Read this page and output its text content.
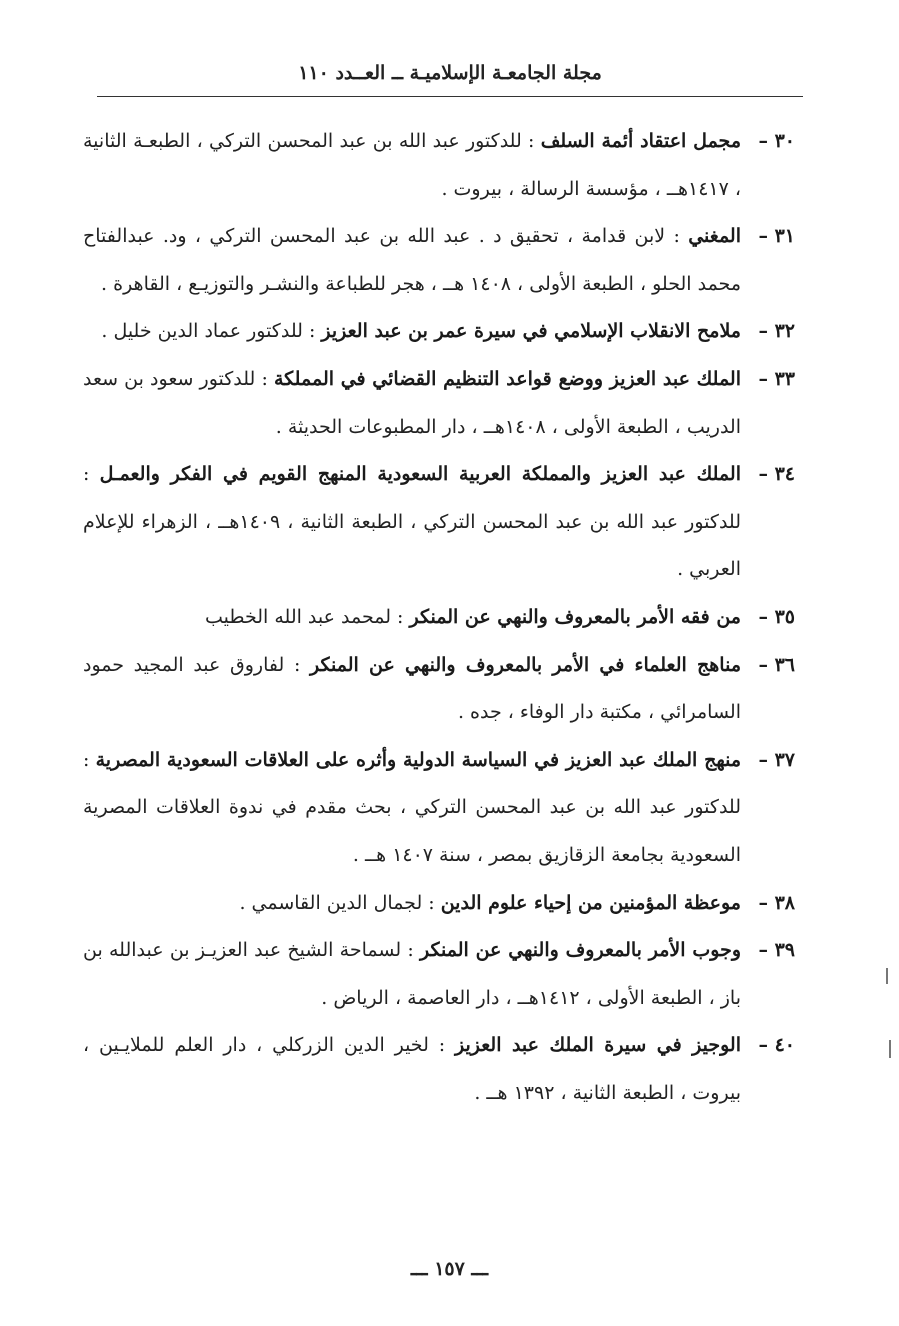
مجلة الجامعـة الإسلاميـة ــ العــدد ١١٠
٣٠ –
مجمل اعتقاد أئمة السلف : للدكتور عبد الله بن عبد المحسن التركي ، الطبعـة الثانية ، ١٤١٧هــ ، مؤسسة الرسالة ، بيروت .
٣١ –
المغني : لابن قدامة ، تحقيق د . عبد الله بن عبد المحسن التركي ، ود. عبدالفتاح محمد الحلو ، الطبعة الأولى ، ١٤٠٨ هــ ، هجر للطباعة والنشـر والتوزيـع ، القاهرة .
٣٢ –
ملامح الانقلاب الإسلامي في سيرة عمر بن عبد العزيز : للدكتور عماد الدين خليل .
٣٣ –
الملك عبد العزيز ووضع قواعد التنظيم القضائي في المملكة : للدكتور سعود بن سعد الدريب ، الطبعة الأولى ، ١٤٠٨هــ ، دار المطبوعات الحديثة .
٣٤ –
الملك عبد العزيز والمملكة العربية السعودية المنهج القويم في الفكر والعمـل : للدكتور عبد الله بن عبد المحسن التركي ، الطبعة الثانية ، ١٤٠٩هــ ، الزهراء للإعلام العربي .
٣٥ –
من فقه الأمر بالمعروف والنهي عن المنكر : لمحمد عبد الله الخطيب
٣٦ –
مناهج العلماء في الأمر بالمعروف والنهي عن المنكر : لفاروق عبد المجيد حمود السامرائي ، مكتبة دار الوفاء ، جده .
٣٧ –
منهج الملك عبد العزيز في السياسة الدولية وأثره على العلاقات السعودية المصرية : للدكتور عبد الله بن عبد المحسن التركي ، بحث مقدم في ندوة العلاقات المصرية السعودية بجامعة الزقازيق بمصر ، سنة ١٤٠٧ هــ .
٣٨ –
موعظة المؤمنين من إحياء علوم الدين : لجمال الدين القاسمي .
٣٩ –
وجوب الأمر بالمعروف والنهي عن المنكر : لسماحة الشيخ عبد العزيـز بن عبدالله بن باز ، الطبعة الأولى ، ١٤١٢هــ ، دار العاصمة ، الرياض .
٤٠ –
الوجيز في سيرة الملك عبد العزيز : لخير الدين الزركلي ، دار العلم للملايـين ، بيروت ، الطبعة الثانية ، ١٣٩٢ هــ .
ـــ ١٥٧ ـــ
